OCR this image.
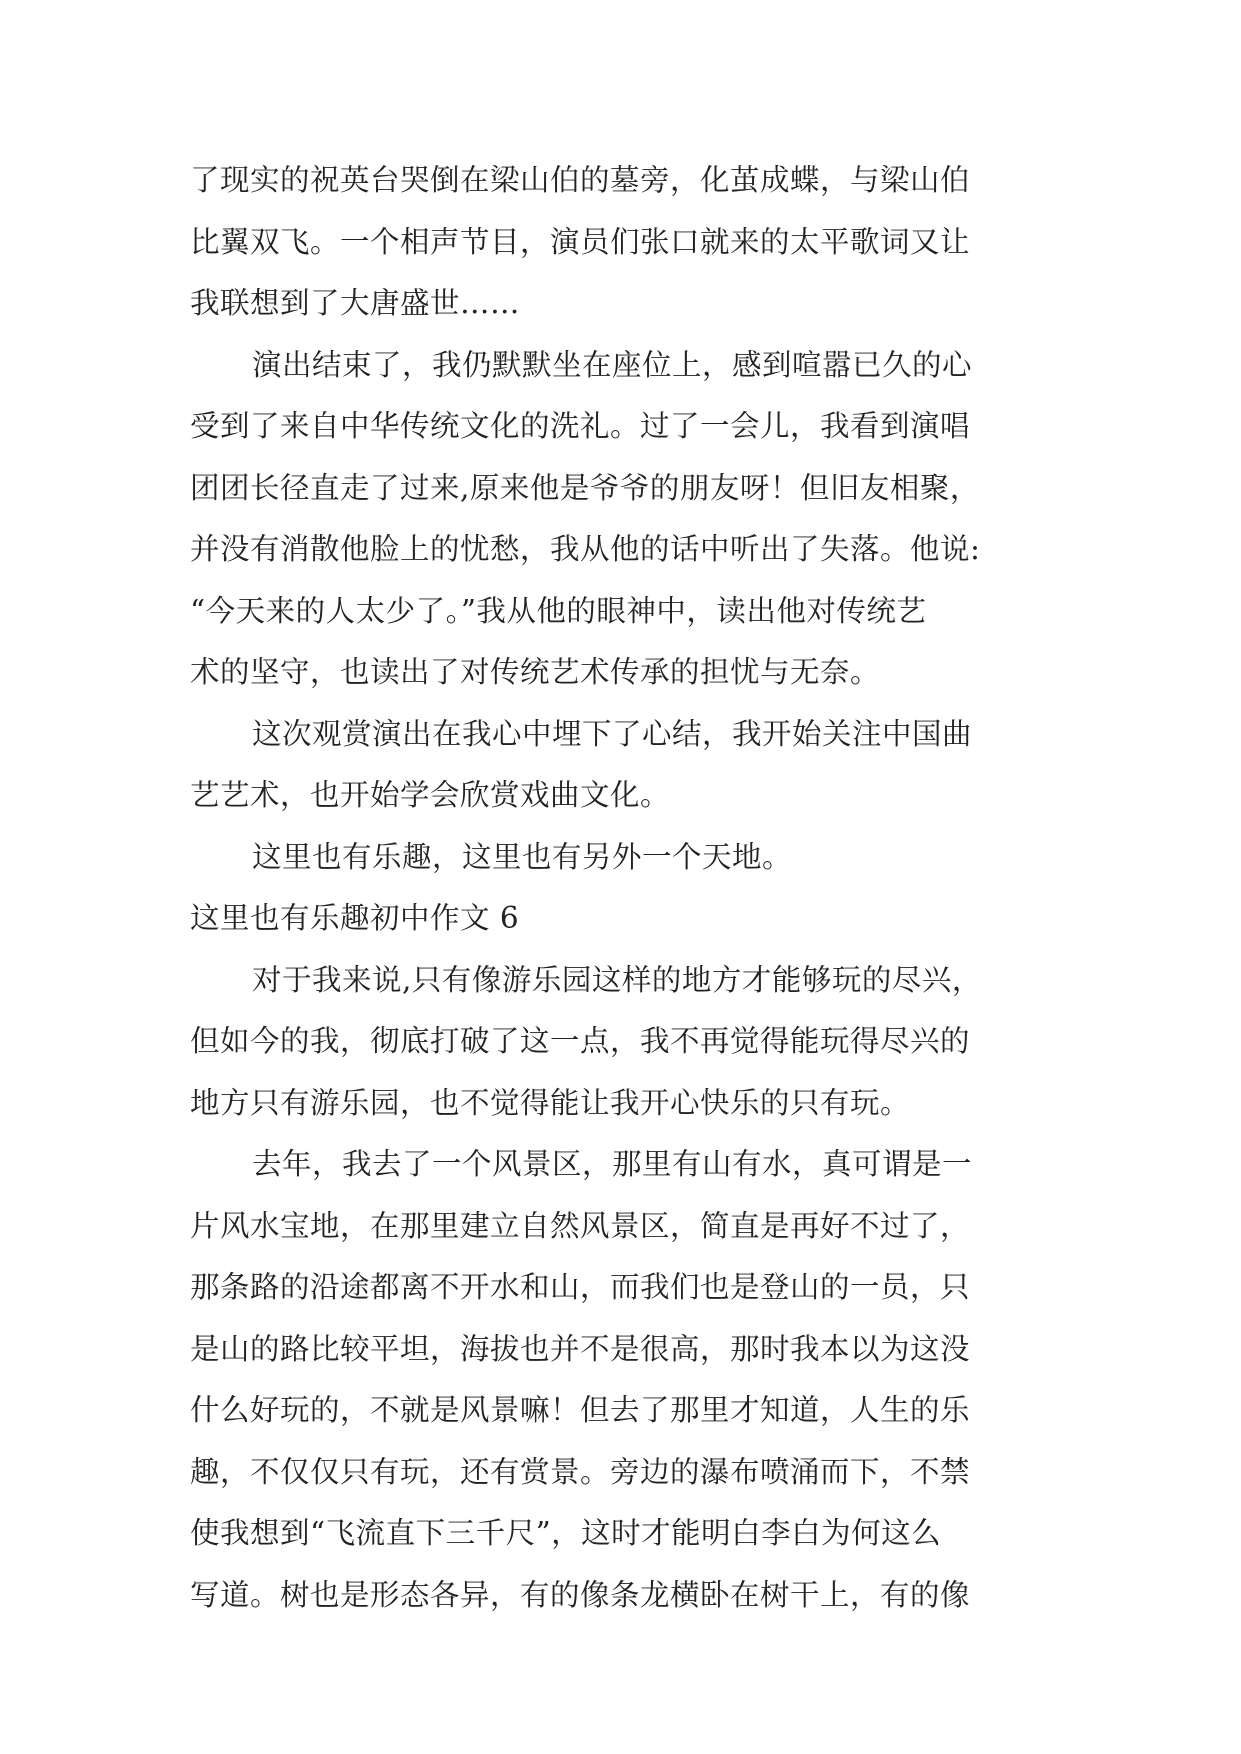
了现实的祝英台哭倒在梁山伯的墓旁，化茧成蝶，与梁山伯
比翼双飞。一个相声节目，演员们张口就来的太平歌词又让
我联想到了大唐盛世……
演出结束了，我仍默默坐在座位上，感到喧嚣已久的心
受到了来自中华传统文化的洗礼。过了一会儿，我看到演唱
团团长径直走了过来,原来他是爷爷的朋友呀！但旧友相聚，
并没有消散他脸上的忧愁，我从他的话中听出了失落。他说:
“今天来的人太少了。”我从他的眼神中，读出他对传统艺
术的坚守，也读出了对传统艺术传承的担忧与无奈。
这次观赏演出在我心中埋下了心结，我开始关注中国曲
艺艺术，也开始学会欣赏戏曲文化。
这里也有乐趣，这里也有另外一个天地。
这里也有乐趣初中作文 6
对于我来说,只有像游乐园这样的地方才能够玩的尽兴，
但如今的我，彻底打破了这一点，我不再觉得能玩得尽兴的
地方只有游乐园，也不觉得能让我开心快乐的只有玩。
去年，我去了一个风景区，那里有山有水，真可谓是一
片风水宝地，在那里建立自然风景区，简直是再好不过了，
那条路的沿途都离不开水和山，而我们也是登山的一员，只
是山的路比较平坦，海拔也并不是很高，那时我本以为这没
什么好玩的，不就是风景嘛！但去了那里才知道，人生的乐
趣，不仅仅只有玩，还有赏景。旁边的瀑布喷涌而下，不禁
使我想到“飞流直下三千尺”，这时才能明白李白为何这么
写道。树也是形态各异，有的像条龙横卧在树干上，有的像
